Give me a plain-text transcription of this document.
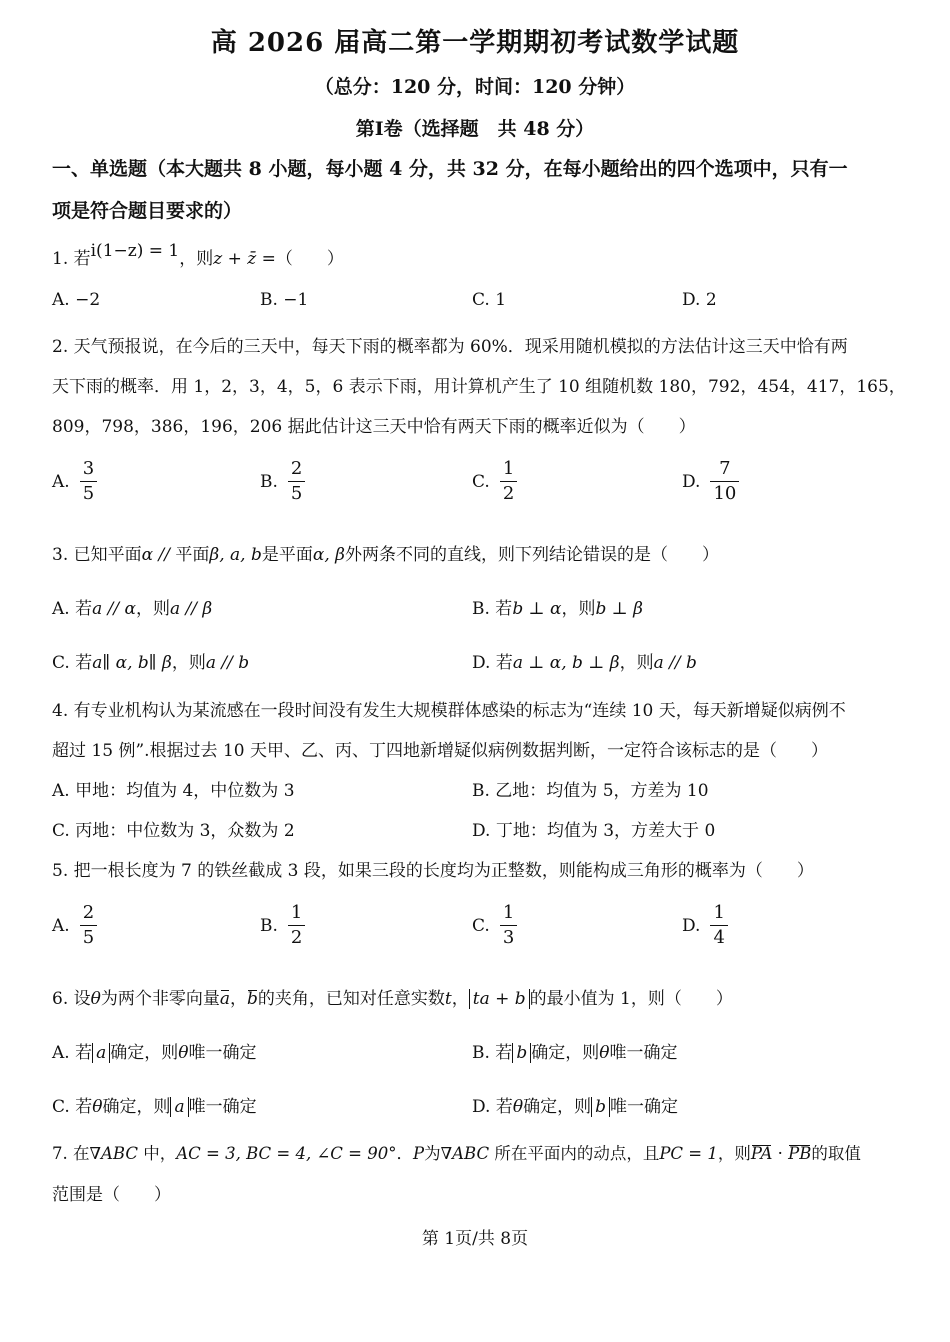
高 2026 届高二第一学期期初考试数学试题
（总分：120 分，时间：120 分钟）
第Ⅰ卷（选择题　共 48 分）
一、单选题（本大题共 8 小题，每小题 4 分，共 32 分，在每小题给出的四个选项中，只有一
项是符合题目要求的）
1. 若i(1−z) = 1，则z + z̄ =（　　）
A. −2	B. −1	C. 1	D. 2
2. 天气预报说，在今后的三天中，每天下雨的概率都为 60%．现采用随机模拟的方法估计这三天中恰有两
天下雨的概率．用 1，2，3，4，5，6 表示下雨，用计算机产生了 10 组随机数 180，792，454，417，165，
809，798，386，196，206 据此估计这三天中恰有两天下雨的概率近似为（　　）
A. $\frac{3}{5}$	B. $\frac{2}{5}$	C. $\frac{1}{2}$	D. $\frac{7}{10}$
3. 已知平面α // 平面β, a, b是平面α, β外两条不同的直线，则下列结论错误的是（　　）
A. 若a // α，则a // β	B. 若b ⊥ α，则b ⊥ β
C. 若a∥ α, b∥ β，则a // b	D. 若a ⊥ α, b ⊥ β，则a // b
4. 有专业机构认为某流感在一段时间没有发生大规模群体感染的标志为“连续 10 天，每天新增疑似病例不
超过 15 例”.根据过去 10 天甲、乙、丙、丁四地新增疑似病例数据判断，一定符合该标志的是（　　）
A. 甲地：均值为 4，中位数为 3	B. 乙地：均值为 5，方差为 10
C. 丙地：中位数为 3，众数为 2	D. 丁地：均值为 3，方差大于 0
5. 把一根长度为 7 的铁丝截成 3 段，如果三段的长度均为正整数，则能构成三角形的概率为（　　）
A. $\frac{2}{5}$	B. $\frac{1}{2}$	C. $\frac{1}{3}$	D. $\frac{1}{4}$
6. 设θ为两个非零向量a，b的夹角，已知对任意实数t， ta + b 的最小值为 1，则（　　）
A. 若 a 确定，则θ唯一确定	B. 若 b 确定，则θ唯一确定
C. 若θ确定，则 a 唯一确定	D. 若θ确定，则 b 唯一确定
7. 在∇ABC 中，AC = 3, BC = 4, ∠C = 90°．P为∇ABC 所在平面内的动点，且PC = 1，则PA · PB的取值
范围是（　　）
第 1页/共 8页
